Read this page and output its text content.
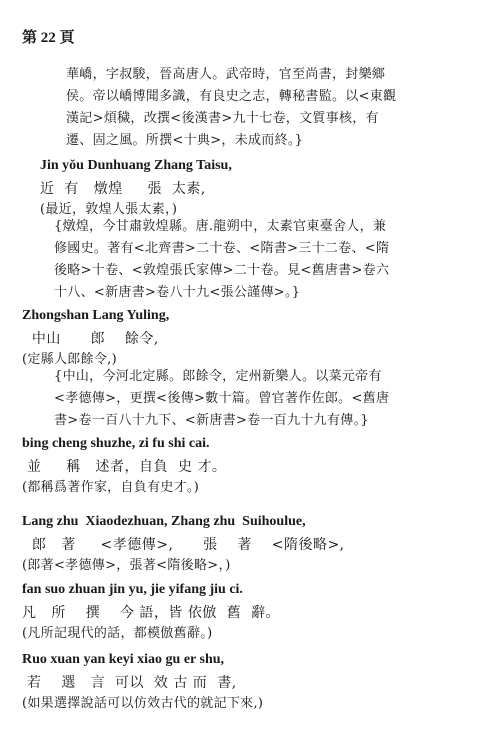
第 22 頁
華嶠，字叔駿，晉高唐人。武帝時，官至尚書，封樂鄉
侯。帝以嶠博聞多識，有良史之志，轉秘書監。以<東觀
漢記>煩穢，改撰<後漢書>九十七卷，文質事核，有
遷、固之風。所撰<十典>，未成而終。}
Jin yǒu Dunhuang Zhang Taisu,
近  有   燉煌     張  太素,
(最近，敦煌人張太素，)
{燉煌，今甘肅敦煌縣。唐.龍朔中，太素官東臺舍人，兼
修國史。著有<北齊書>二十卷、<隋書>三十二卷、<隋
後略>十卷、<敦煌張氏家傳>二十卷。見<舊唐書>卷六
十八、<新唐書>卷八十九<張公謹傳>。}
Zhongshan Lang Yuling,
中山      郎    餘令,
(定縣人郎餘令,)
{中山，今河北定縣。郎餘令，定州新樂人。以菜元帝有
<孝德傳>，更撰<後傳>數十篇。曾官著作佐郎。<舊唐
書>卷一百八十九下、<新唐書>卷一百九十九有傳。}
bing cheng shuzhe, zi fu shi cai.
並     稱   述者，自負  史 才。
(都稱爲著作家，自負有史才。)
Lang zhu  Xiaodezhuan, Zhang zhu  Suihoulue,
郎   著     <孝德傳>,      張    著    <隋後略>,
(郎著<孝德傳>，張著<隋後略>，)
fan suo zhuan jin yu, jie yifang jiu ci.
凡   所    撰    今 語，皆 依倣  舊  辭。
(凡所記現代的話，都模倣舊辭。)
Ruo xuan yan keyi xiao gu er shu,
若    選   言  可以  效 古 而  書,
(如果選擇說話可以仿效古代的就記下來,)
